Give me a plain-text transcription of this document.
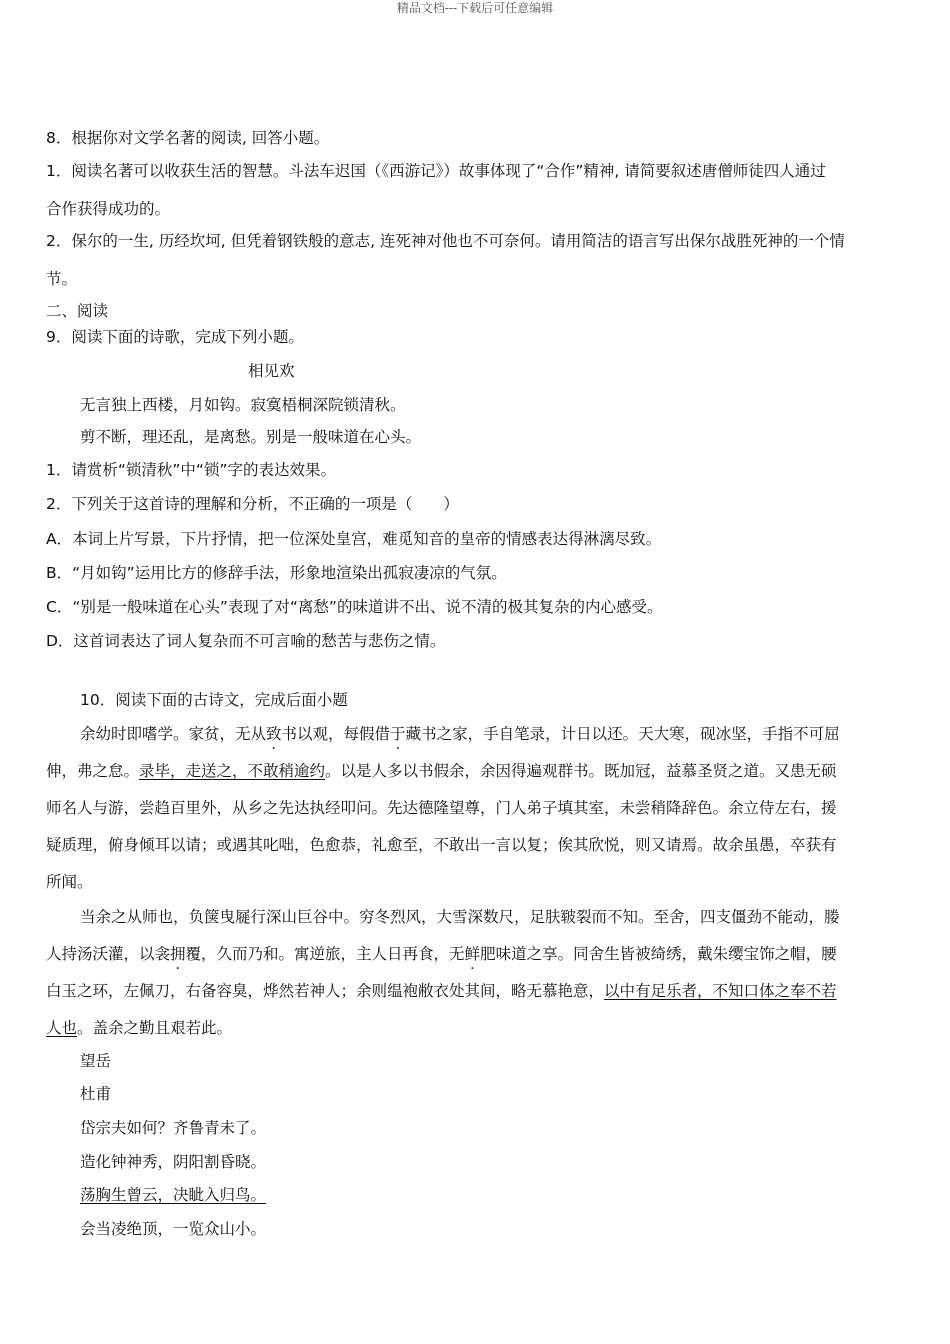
精品文档---下载后可任意编辑
8．根据你对文学名著的阅读, 回答小题。
1．阅读名著可以收获生活的智慧。斗法车迟国（《西游记》）故事体现了“合作”精神, 请简要叙述唐僧师徒四人通过
合作获得成功的。
2．保尔的一生, 历经坎坷, 但凭着钢铁般的意志, 连死神对他也不可奈何。请用简洁的语言写出保尔战胜死神的一个情
节。
二、阅读
9．阅读下面的诗歌，完成下列小题。
相见欢
无言独上西楼，月如钩。寂寞梧桐深院锁清秋。
剪不断，理还乱，是离愁。别是一般味道在心头。
1．请赏析“锁清秋”中“锁”字的表达效果。
2．下列关于这首诗的理解和分析，不正确的一项是（　　）
A．本词上片写景，下片抒情，把一位深处皇宫，难觅知音的皇帝的情感表达得淋漓尽致。
B．“月如钩”运用比方的修辞手法，形象地渲染出孤寂凄凉的气氛。
C．“别是一般味道在心头”表现了对“离愁”的味道讲不出、说不清的极其复杂的内心感受。
D．这首词表达了词人复杂而不可言喻的愁苦与悲伤之情。
10．阅读下面的古诗文，完成后面小题
余幼时即嗜学。家贫，无从致书以观，每假借于藏书之家，手自笔录，计日以还。天大寒，砚冰坚，手指不可屈
伸，弗之怠。录毕，走送之，不敢稍逾约。以是人多以书假余，余因得遍观群书。既加冠，益慕圣贤之道。又患无硕
师名人与游，尝趋百里外，从乡之先达执经叩问。先达德隆望尊，门人弟子填其室，未尝稍降辞色。余立侍左右，援
疑质理，俯身倾耳以请；或遇其叱咄，色愈恭，礼愈至，不敢出一言以复；俟其欣悦，则又请焉。故余虽愚，卒获有
所闻。
当余之从师也，负箧曳屣行深山巨谷中。穷冬烈风，大雪深数尺，足肤皲裂而不知。至舍，四支僵劲不能动，媵
人持汤沃灌，以衾拥覆，久而乃和。寓逆旅，主人日再食，无鲜肥味道之享。同舍生皆被绮绣，戴朱缨宝饰之帽，腰
白玉之环，左佩刀，右备容臭，烨然若神人；余则缊袍敝衣处其间，略无慕艳意，以中有足乐者，不知口体之奉不若
人也。盖余之勤且艰若此。
望岳
杜甫
岱宗夫如何？齐鲁青未了。
造化钟神秀，阴阳割昏晓。
荡胸生曾云，决眦入归鸟。
会当凌绝顶，一览众山小。
